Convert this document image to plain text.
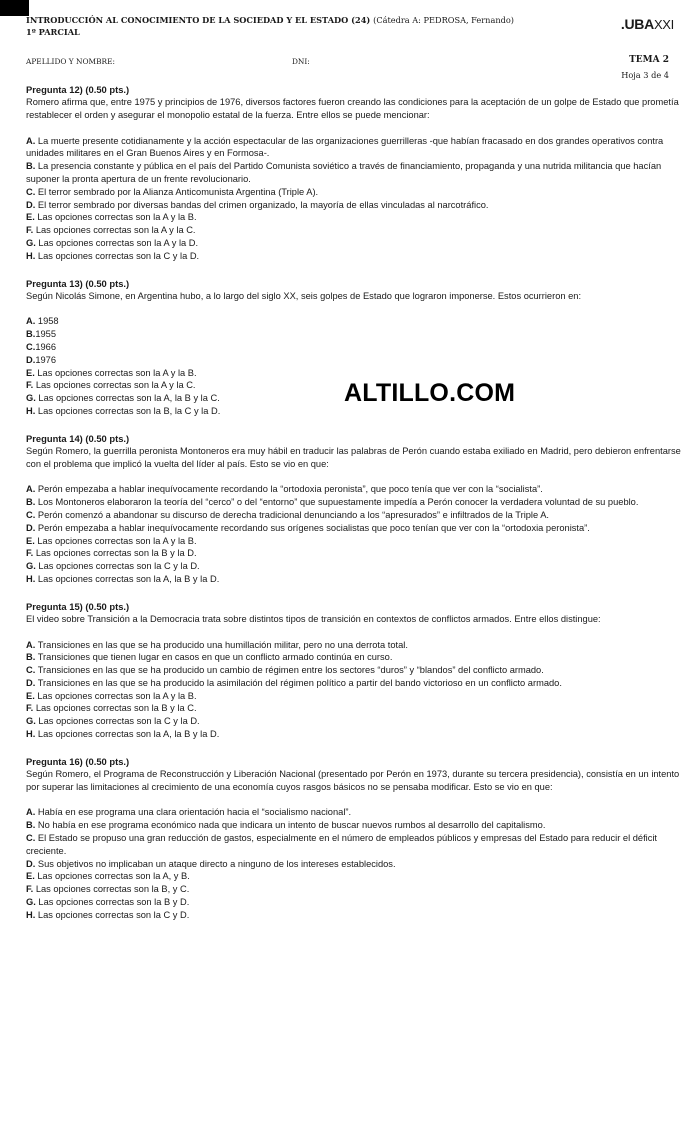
INTRODUCCIÓN AL CONOCIMIENTO DE LA SOCIEDAD Y EL ESTADO (24) (Cátedra A: PEDROSA, Fernando)
1º PARCIAL	.UBAXXI
APELLIDO Y NOMBRE:	DNI:	TEMA 2
Hoja 3 de 4
Pregunta 12) (0.50 pts.)
Romero afirma que, entre 1975 y principios de 1976, diversos factores fueron creando las condiciones para la aceptación de un golpe de Estado que prometía restablecer el orden y asegurar el monopolio estatal de la fuerza. Entre ellos se puede mencionar:
A. La muerte presente cotidianamente y la acción espectacular de las organizaciones guerrilleras -que habían fracasado en dos grandes operativos contra unidades militares en el Gran Buenos Aires y en Formosa-.
B. La presencia constante y pública en el país del Partido Comunista soviético a través de financiamiento, propaganda y una nutrida militancia que hacían suponer la pronta apertura de un frente revolucionario.
C. El terror sembrado por la Alianza Anticomunista Argentina (Triple A).
D. El terror sembrado por diversas bandas del crimen organizado, la mayoría de ellas vinculadas al narcotráfico.
E. Las opciones correctas son la A y la B.
F. Las opciones correctas son la A y la C.
G. Las opciones correctas son la A y la D.
H. Las opciones correctas son la C y la D.
Pregunta 13) (0.50 pts.)
Según Nicolás Simone, en Argentina hubo, a lo largo del siglo XX, seis golpes de Estado que lograron imponerse. Estos ocurrieron en:
A. 1958
B.1955
C.1966
D.1976
E. Las opciones correctas son la A y la B.
F. Las opciones correctas son la A y la C.
G. Las opciones correctas son la A, la B y la C.
H. Las opciones correctas son la B, la C y la D.
Pregunta 14) (0.50 pts.)
Según Romero, la guerrilla peronista Montoneros era muy hábil en traducir las palabras de Perón cuando estaba exiliado en Madrid, pero debieron enfrentarse con el problema que implicó la vuelta del líder al país. Esto se vio en que:
A. Perón empezaba a hablar inequívocamente recordando la “ortodoxia peronista”, que poco tenía que ver con la “socialista”.
B. Los Montoneros elaboraron la teoría del “cerco” o del “entorno” que supuestamente impedía a Perón conocer la verdadera voluntad de su pueblo.
C. Perón comenzó a abandonar su discurso de derecha tradicional denunciando a los “apresurados” e infiltrados de la Triple A.
D. Perón empezaba a hablar inequívocamente recordando sus orígenes socialistas que poco tenían que ver con la “ortodoxia peronista”.
E. Las opciones correctas son la A y la B.
F. Las opciones correctas son la B y la D.
G. Las opciones correctas son la C y la D.
H. Las opciones correctas son la A, la B y la D.
Pregunta 15) (0.50 pts.)
El video sobre Transición a la Democracia trata sobre distintos tipos de transición en contextos de conflictos armados. Entre ellos distingue:
A. Transiciones en las que se ha producido una humillación militar, pero no una derrota total.
B. Transiciones que tienen lugar en casos en que un conflicto armado continúa en curso.
C. Transiciones en las que se ha producido un cambio de régimen entre los sectores “duros” y “blandos” del conflicto armado.
D. Transiciones en las que se ha producido la asimilación del régimen político a partir del bando victorioso en un conflicto armado.
E. Las opciones correctas son la A y la B.
F. Las opciones correctas son la B y la C.
G. Las opciones correctas son la C y la D.
H. Las opciones correctas son la A, la B y la D.
Pregunta 16) (0.50 pts.)
Según Romero, el Programa de Reconstrucción y Liberación Nacional (presentado por Perón en 1973, durante su tercera presidencia), consistía en un intento por superar las limitaciones al crecimiento de una economía cuyos rasgos básicos no se pensaba modificar. Esto se vio en que:
A. Había en ese programa una clara orientación hacia el “socialismo nacional”.
B. No había en ese programa económico nada que indicara un intento de buscar nuevos rumbos al desarrollo del capitalismo.
C. El Estado se propuso una gran reducción de gastos, especialmente en el número de empleados públicos y empresas del Estado para reducir el déficit creciente.
D. Sus objetivos no implicaban un ataque directo a ninguno de los intereses establecidos.
E. Las opciones correctas son la A, y B.
F. Las opciones correctas son la B, y C.
G. Las opciones correctas son la B y D.
H. Las opciones correctas son la C y D.
ALTILLO.COM
